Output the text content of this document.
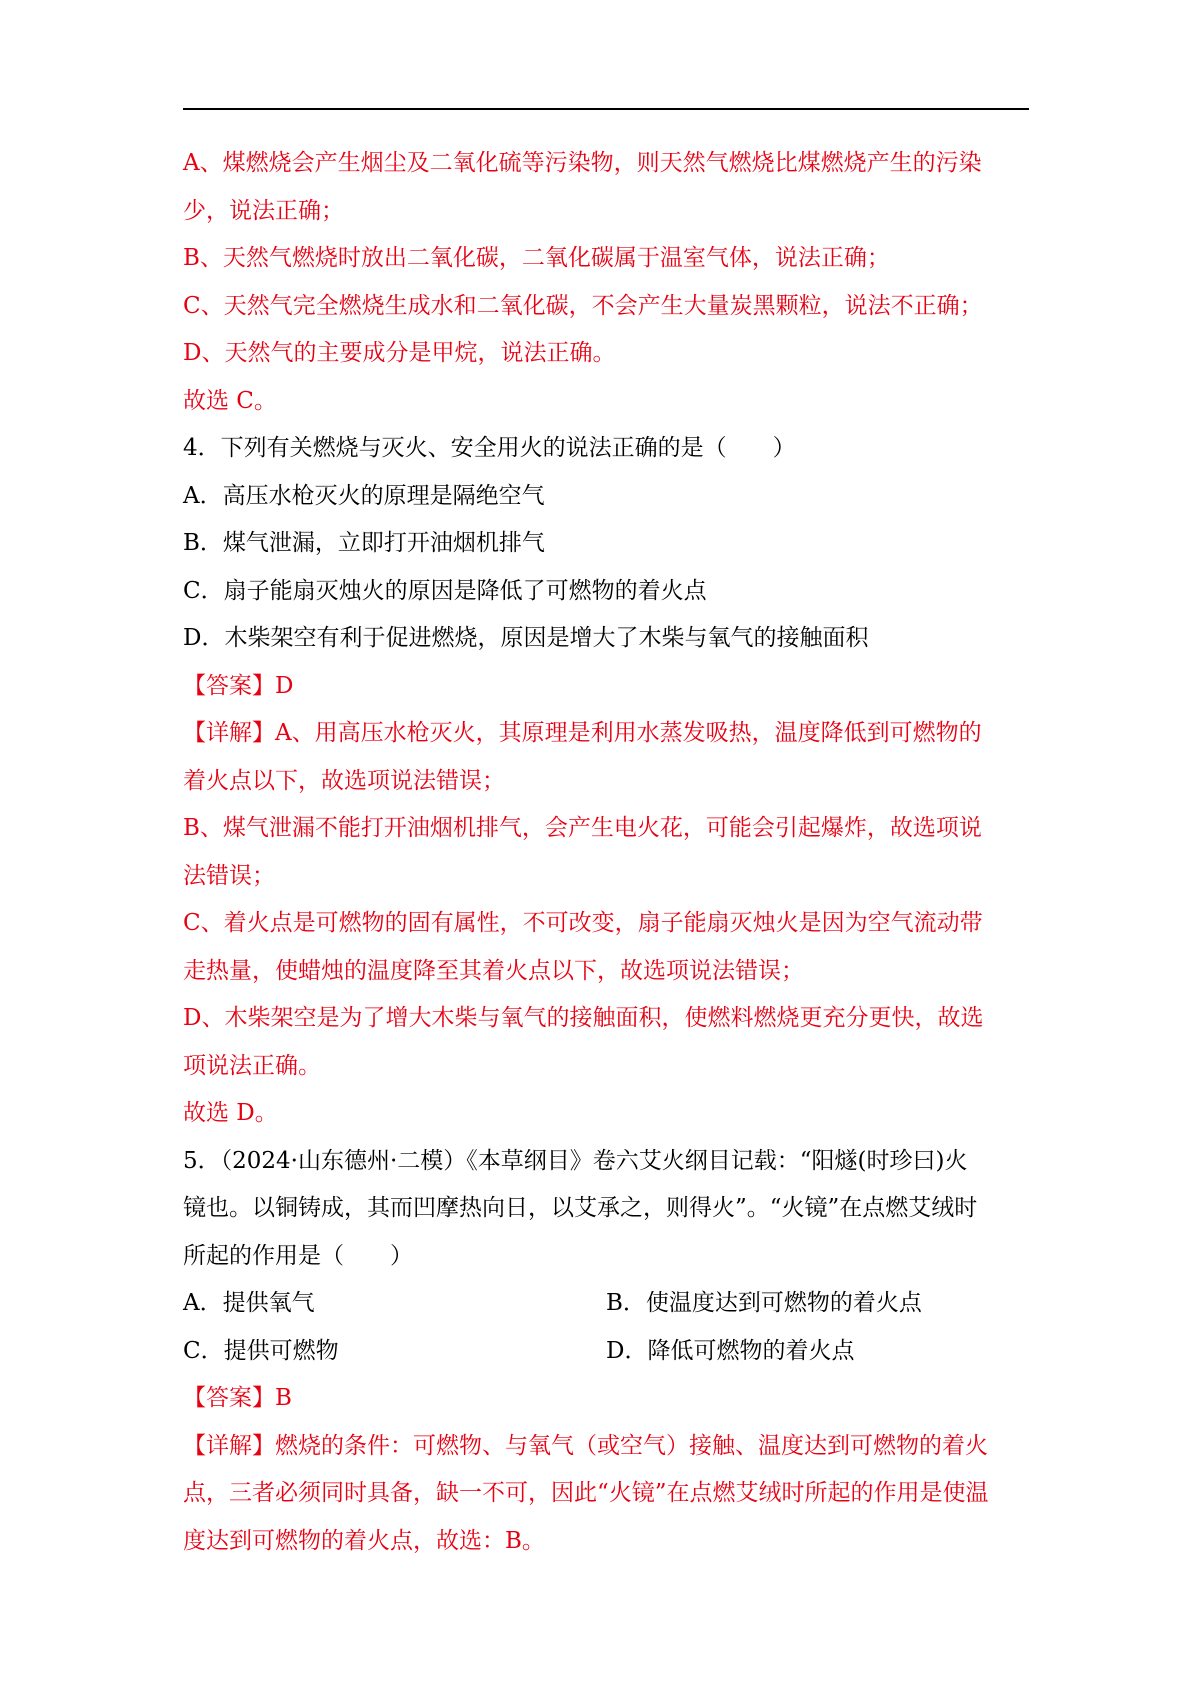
A、煤燃烧会产生烟尘及二氧化硫等污染物，则天然气燃烧比煤燃烧产生的污染
少，说法正确；
B、天然气燃烧时放出二氧化碳，二氧化碳属于温室气体，说法正确；
C、天然气完全燃烧生成水和二氧化碳，不会产生大量炭黑颗粒，说法不正确；
D、天然气的主要成分是甲烷，说法正确。
故选 C。
4．下列有关燃烧与灭火、安全用火的说法正确的是（　　）
A．高压水枪灭火的原理是隔绝空气
B．煤气泄漏，立即打开油烟机排气
C．扇子能扇灭烛火的原因是降低了可燃物的着火点
D．木柴架空有利于促进燃烧，原因是增大了木柴与氧气的接触面积
【答案】D
【详解】A、用高压水枪灭火，其原理是利用水蒸发吸热，温度降低到可燃物的
着火点以下，故选项说法错误；
B、煤气泄漏不能打开油烟机排气，会产生电火花，可能会引起爆炸，故选项说
法错误；
C、着火点是可燃物的固有属性，不可改变，扇子能扇灭烛火是因为空气流动带
走热量，使蜡烛的温度降至其着火点以下，故选项说法错误；
D、木柴架空是为了增大木柴与氧气的接触面积，使燃料燃烧更充分更快，故选
项说法正确。
故选 D。
5．（2024·山东德州·二模）《本草纲目》卷六艾火纲目记载：“阳燧(时珍曰)火
镜也。以铜铸成，其而凹摩热向日，以艾承之，则得火”。“火镜”在点燃艾绒时
所起的作用是（　　）
A．提供氧气	B．使温度达到可燃物的着火点
C．提供可燃物	D．降低可燃物的着火点
【答案】B
【详解】燃烧的条件：可燃物、与氧气（或空气）接触、温度达到可燃物的着火
点，三者必须同时具备，缺一不可，因此“火镜”在点燃艾绒时所起的作用是使温
度达到可燃物的着火点，故选：B。
